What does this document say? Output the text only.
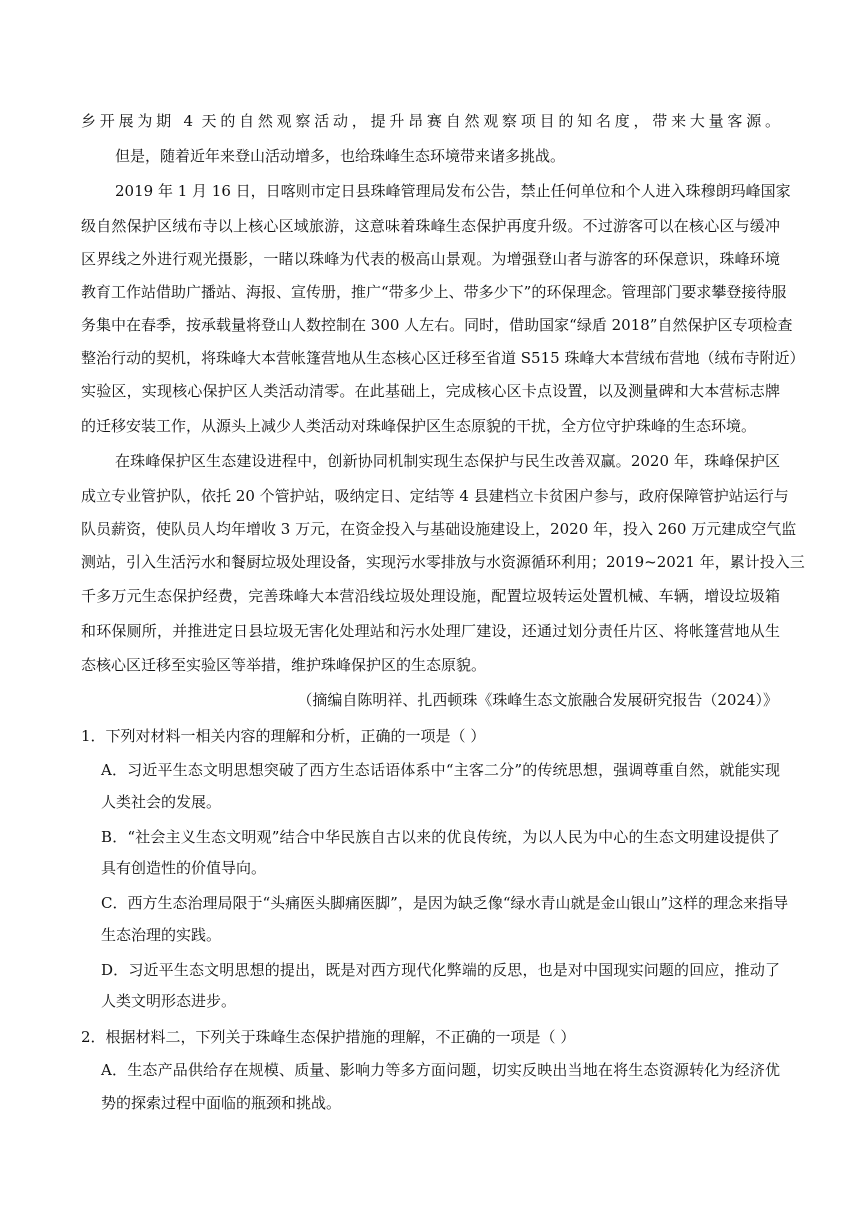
乡开展为期 4 天的自然观察活动，提升昂赛自然观察项目的知名度，带来大量客源。
但是，随着近年来登山活动增多，也给珠峰生态环境带来诸多挑战。
2019 年 1 月 16 日，日喀则市定日县珠峰管理局发布公告，禁止任何单位和个人进入珠穆朗玛峰国家
级自然保护区绒布寺以上核心区域旅游，这意味着珠峰生态保护再度升级。不过游客可以在核心区与缓冲
区界线之外进行观光摄影，一睹以珠峰为代表的极高山景观。为增强登山者与游客的环保意识，珠峰环境
教育工作站借助广播站、海报、宣传册，推广“带多少上、带多少下”的环保理念。管理部门要求攀登接待服
务集中在春季，按承载量将登山人数控制在 300 人左右。同时，借助国家“绿盾 2018”自然保护区专项检查
整治行动的契机，将珠峰大本营帐篷营地从生态核心区迁移至省道 S515 珠峰大本营绒布营地（绒布寺附近）
实验区，实现核心保护区人类活动清零。在此基础上，完成核心区卡点设置，以及测量碑和大本营标志牌
的迁移安装工作，从源头上减少人类活动对珠峰保护区生态原貌的干扰，全方位守护珠峰的生态环境。
在珠峰保护区生态建设进程中，创新协同机制实现生态保护与民生改善双赢。2020 年，珠峰保护区
成立专业管护队，依托 20 个管护站，吸纳定日、定结等 4 县建档立卡贫困户参与，政府保障管护站运行与
队员薪资，使队员人均年增收 3 万元，在资金投入与基础设施建设上，2020 年，投入 260 万元建成空气监
测站，引入生活污水和餐厨垃圾处理设备，实现污水零排放与水资源循环利用；2019~2021 年，累计投入三
千多万元生态保护经费，完善珠峰大本营沿线垃圾处理设施，配置垃圾转运处置机械、车辆，增设垃圾箱
和环保厕所，并推进定日县垃圾无害化处理站和污水处理厂建设，还通过划分责任片区、将帐篷营地从生
态核心区迁移至实验区等举措，维护珠峰保护区的生态原貌。
（摘编自陈明祥、扎西顿珠《珠峰生态文旅融合发展研究报告（2024）》
1．下列对材料一相关内容的理解和分析，正确的一项是（ ）
A．习近平生态文明思想突破了西方生态话语体系中“主客二分”的传统思想，强调尊重自然，就能实现
人类社会的发展。
B．“社会主义生态文明观”结合中华民族自古以来的优良传统，为以人民为中心的生态文明建设提供了
具有创造性的价值导向。
C．西方生态治理局限于“头痛医头脚痛医脚”，是因为缺乏像“绿水青山就是金山银山”这样的理念来指导
生态治理的实践。
D．习近平生态文明思想的提出，既是对西方现代化弊端的反思，也是对中国现实问题的回应，推动了
人类文明形态进步。
2．根据材料二，下列关于珠峰生态保护措施的理解，不正确的一项是（ ）
A．生态产品供给存在规模、质量、影响力等多方面问题，切实反映出当地在将生态资源转化为经济优
势的探索过程中面临的瓶颈和挑战。
